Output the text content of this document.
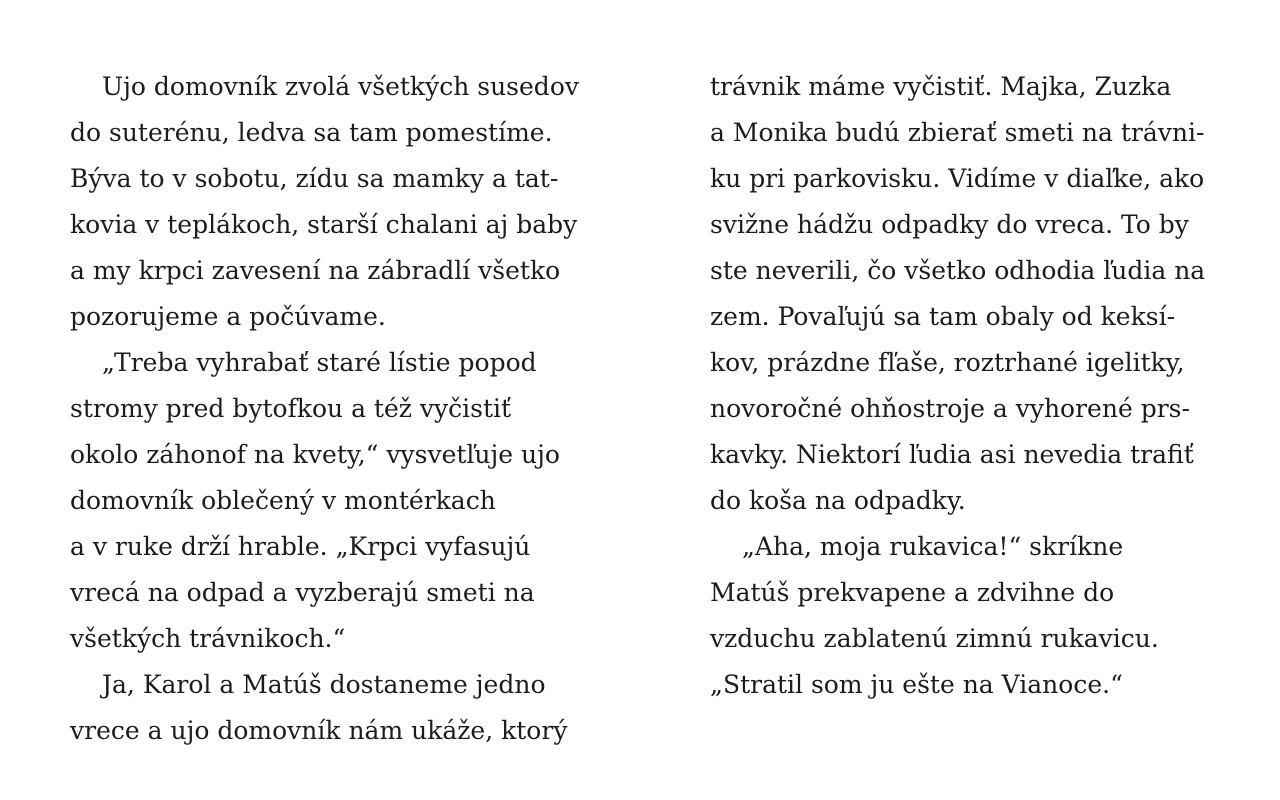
Ujo domovník zvolá všetkých susedov
do suterénu, ledva sa tam pomestíme.
Býva to v sobotu, zídu sa mamky a tat-
kovia v teplákoch, starší chalani aj baby
a my krpci zavesení na zábradlí všetko
pozorujeme a počúvame.
„Treba vyhrabať staré lístie popod
stromy pred bytofkou a též vyčistiť
okolo záhonof na kvety,“ vysvetľuje ujo
domovník oblečený v montérkach
a v ruke drží hrable. „Krpci vyfasujú
vrecá na odpad a vyzberajú smeti na
všetkých trávnikoch.“
Ja, Karol a Matúš dostaneme jedno
vrece a ujo domovník nám ukáže, ktorý
trávnik máme vyčistiť. Majka, Zuzka
a Monika budú zbierať smeti na trávni-
ku pri parkovisku. Vidíme v diaľke, ako
svižne hádžu odpadky do vreca. To by
ste neverili, čo všetko odhodia ľudia na
zem. Povaľujú sa tam obaly od keksí-
kov, prázdne fľaše, roztrhané igelitky,
novoročné ohňostroje a vyhorené prs-
kavky. Niektorí ľudia asi nevedia trafiť
do koša na odpadky.
„Aha, moja rukavica!“ skríkne
Matúš prekvapene a zdvihne do
vzduchu zablatenú zimnú rukavicu.
„Stratil som ju ešte na Vianoce.“
